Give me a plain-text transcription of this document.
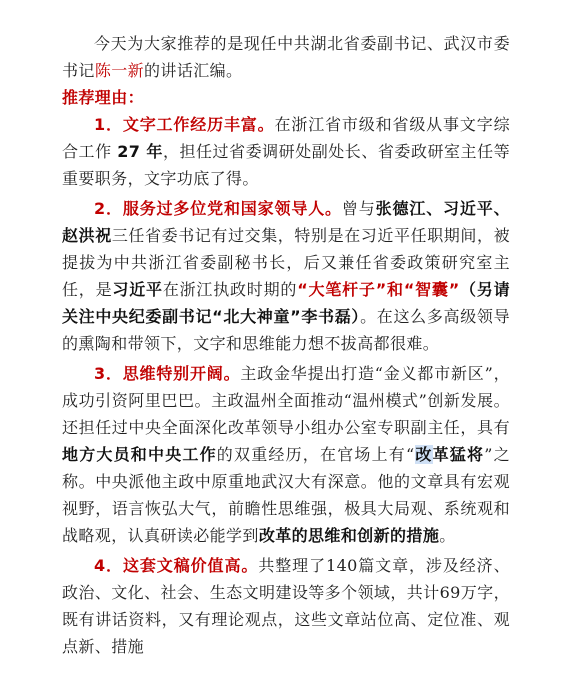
今天为大家推荐的是现任中共湖北省委副书记、武汉市委书记陈一新的讲话汇编。

推荐理由：

1．文字工作经历丰富。在浙江省市级和省级从事文字综合工作 27 年，担任过省委调研处副处长、省委政研室主任等重要职务，文字功底了得。

2．服务过多位党和国家领导人。曾与张德江、习近平、赵洪祝三任省委书记有过交集，特别是在习近平任职期间，被提拔为中共浙江省委副秘书长，后又兼任省委政策研究室主任，是习近平在浙江执政时期的“大笔杆子”和“智囊”（另请关注中央纪委副书记“北大神童”李书磊）。在这么多高级领导的熏陶和带领下，文字和思维能力想不拔高都很难。

3．思维特别开阔。主政金华提出打造“金义都市新区”，成功引资阿里巴巴。主政温州全面推动“温州模式”创新发展。还担任过中央全面深化改革领导小组办公室专职副主任，具有地方大员和中央工作的双重经历，在官场上有“改革猛将”之称。中央派他主政中原重地武汉大有深意。他的文章具有宏观视野，语言恢弘大气，前瞻性思维强，极具大局观、系统观和战略观，认真研读必能学到改革的思维和创新的措施。

4．这套文稿价值高。共整理了140篇文章，涉及经济、政治、文化、社会、生态文明建设等多个领域，共计69万字，既有讲话资料，又有理论观点，这些文章站位高、定位准、观点新、措施
